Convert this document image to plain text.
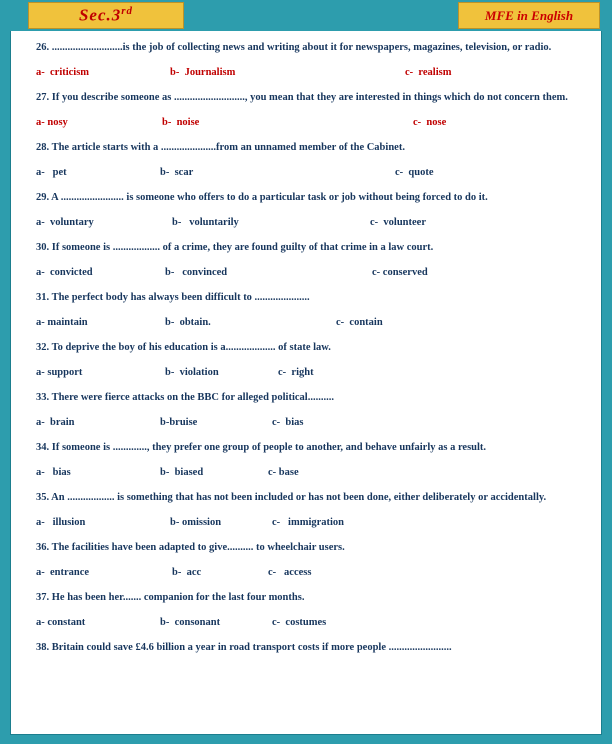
Sec.3rd	MFE in English

26. ...........................is the job of collecting news and writing about it for newspapers, magazines, television, or radio.

a-  criticism	b-  Journalism	c-  realism

27. If you describe someone as ..........................., you mean that they are interested in things which do not concern them.

a- nosy	b-  noise	c-  nose

28. The article starts with a .....................from an unnamed member of the Cabinet.

a-   pet	b-  scar	c-  quote

29. A ........................ is someone who offers to do a particular task or job without being forced to do it.

a-  voluntary	b-   voluntarily	c-  volunteer

30. If someone is .................. of a crime, they are found guilty of that crime in a law court.

a-  convicted	b-   convinced	c- conserved

31. The perfect body has always been difficult to .....................

a- maintain	b-  obtain.	c-  contain

32. To deprive the boy of his education is a................... of state law.

a- support	b-  violation	c-  right

33. There were fierce attacks on the BBC for alleged political..........

a-  brain	b-bruise	c-  bias

34. If someone is ............., they prefer one group of people to another, and behave unfairly as a result.

a-   bias	b-  biased	c- base

35. An .................. is something that has not been included or has not been done, either deliberately or accidentally.

a-   illusion	b- omission	c-   immigration

36. The facilities have been adapted to give.......... to wheelchair users.

a-  entrance	b-  acc	c-   access

37. He has been her....... companion for the last four months.

a- constant	b-  consonant	c-  costumes

38. Britain could save £4.6 billion a year in road transport costs if more people ........................
